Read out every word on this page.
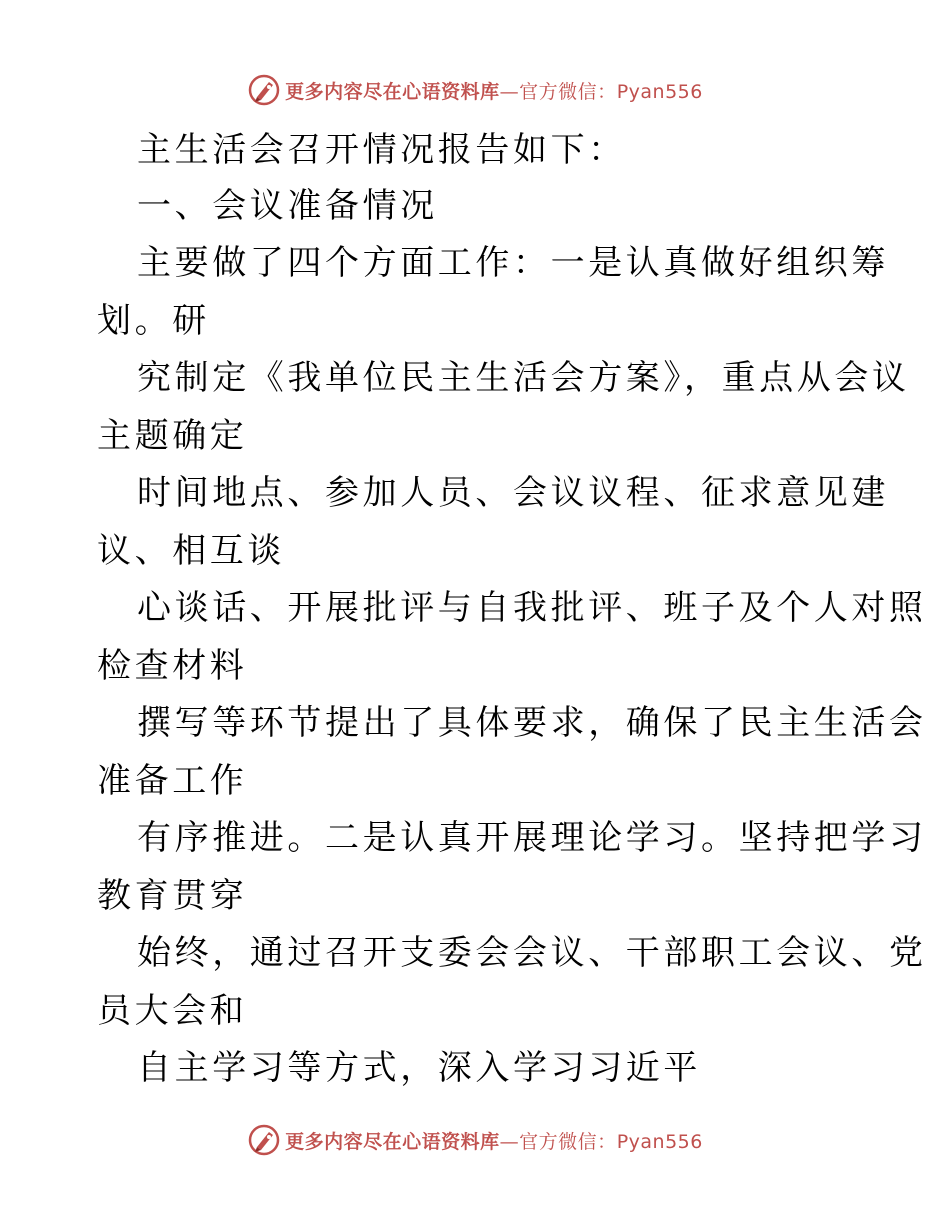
更多内容尽在心语资料库—官方微信：Pyan556
主生活会召开情况报告如下：
一、会议准备情况
主要做了四个方面工作：一是认真做好组织筹
划。研
究制定《我单位民主生活会方案》，重点从会议
主题确定
时间地点、参加人员、会议议程、征求意见建
议、相互谈
心谈话、开展批评与自我批评、班子及个人对照
检查材料
撰写等环节提出了具体要求，确保了民主生活会
准备工作
有序推进。二是认真开展理论学习。坚持把学习
教育贯穿
始终，通过召开支委会会议、干部职工会议、党
员大会和
自主学习等方式，深入学习习近平
更多内容尽在心语资料库—官方微信：Pyan556
